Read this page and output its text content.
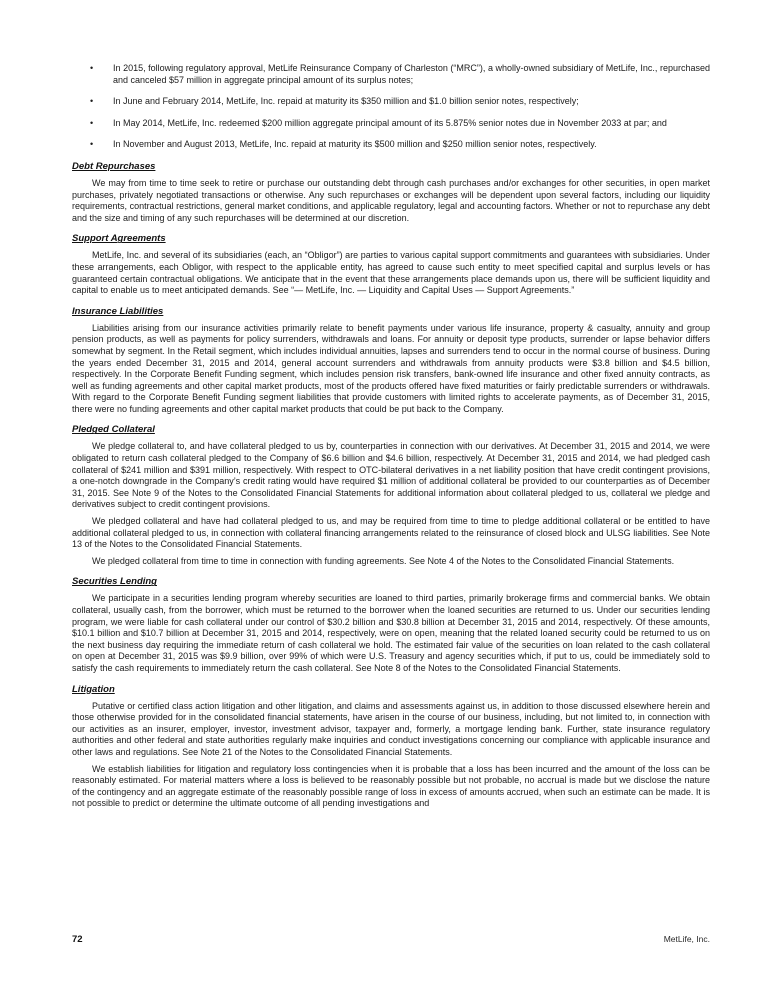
•	In 2015, following regulatory approval, MetLife Reinsurance Company of Charleston (“MRC”), a wholly-owned subsidiary of MetLife, Inc., repurchased and canceled $57 million in aggregate principal amount of its surplus notes;
•	In June and February 2014, MetLife, Inc. repaid at maturity its $350 million and $1.0 billion senior notes, respectively;
•	In May 2014, MetLife, Inc. redeemed $200 million aggregate principal amount of its 5.875% senior notes due in November 2033 at par; and
•	In November and August 2013, MetLife, Inc. repaid at maturity its $500 million and $250 million senior notes, respectively.
Debt Repurchases

We may from time to time seek to retire or purchase our outstanding debt through cash purchases and/or exchanges for other securities, in open market purchases, privately negotiated transactions or otherwise. Any such repurchases or exchanges will be dependent upon several factors, including our liquidity requirements, contractual restrictions, general market conditions, and applicable regulatory, legal and accounting factors. Whether or not to repurchase any debt and the size and timing of any such repurchases will be determined at our discretion.

Support Agreements

MetLife, Inc. and several of its subsidiaries (each, an “Obligor”) are parties to various capital support commitments and guarantees with subsidiaries. Under these arrangements, each Obligor, with respect to the applicable entity, has agreed to cause such entity to meet specified capital and surplus levels or has guaranteed certain contractual obligations. We anticipate that in the event that these arrangements place demands upon us, there will be sufficient liquidity and capital to enable us to meet anticipated demands. See “— MetLife, Inc. — Liquidity and Capital Uses — Support Agreements.”

Insurance Liabilities

Liabilities arising from our insurance activities primarily relate to benefit payments under various life insurance, property & casualty, annuity and group pension products, as well as payments for policy surrenders, withdrawals and loans. For annuity or deposit type products, surrender or lapse behavior differs somewhat by segment. In the Retail segment, which includes individual annuities, lapses and surrenders tend to occur in the normal course of business. During the years ended December 31, 2015 and 2014, general account surrenders and withdrawals from annuity products were $3.8 billion and $4.5 billion, respectively. In the Corporate Benefit Funding segment, which includes pension risk transfers, bank-owned life insurance and other fixed annuity contracts, as well as funding agreements and other capital market products, most of the products offered have fixed maturities or fairly predictable surrenders or withdrawals. With regard to the Corporate Benefit Funding segment liabilities that provide customers with limited rights to accelerate payments, as of December 31, 2015, there were no funding agreements and other capital market products that could be put back to the Company.

Pledged Collateral

We pledge collateral to, and have collateral pledged to us by, counterparties in connection with our derivatives. At December 31, 2015 and 2014, we were obligated to return cash collateral pledged to the Company of $6.6 billion and $4.6 billion, respectively. At December 31, 2015 and 2014, we had pledged cash collateral of $241 million and $391 million, respectively. With respect to OTC-bilateral derivatives in a net liability position that have credit contingent provisions, a one-notch downgrade in the Company’s credit rating would have required $1 million of additional collateral be provided to our counterparties as of December 31, 2015. See Note 9 of the Notes to the Consolidated Financial Statements for additional information about collateral pledged to us, collateral we pledge and derivatives subject to credit contingent provisions.

We pledged collateral and have had collateral pledged to us, and may be required from time to time to pledge additional collateral or be entitled to have additional collateral pledged to us, in connection with collateral financing arrangements related to the reinsurance of closed block and ULSG liabilities. See Note 13 of the Notes to the Consolidated Financial Statements.

We pledged collateral from time to time in connection with funding agreements. See Note 4 of the Notes to the Consolidated Financial Statements.

Securities Lending

We participate in a securities lending program whereby securities are loaned to third parties, primarily brokerage firms and commercial banks. We obtain collateral, usually cash, from the borrower, which must be returned to the borrower when the loaned securities are returned to us. Under our securities lending program, we were liable for cash collateral under our control of $30.2 billion and $30.8 billion at December 31, 2015 and 2014, respectively. Of these amounts, $10.1 billion and $10.7 billion at December 31, 2015 and 2014, respectively, were on open, meaning that the related loaned security could be returned to us on the next business day requiring the immediate return of cash collateral we hold. The estimated fair value of the securities on loan related to the cash collateral on open at December 31, 2015 was $9.9 billion, over 99% of which were U.S. Treasury and agency securities which, if put to us, could be immediately sold to satisfy the cash requirements to immediately return the cash collateral. See Note 8 of the Notes to the Consolidated Financial Statements.

Litigation

Putative or certified class action litigation and other litigation, and claims and assessments against us, in addition to those discussed elsewhere herein and those otherwise provided for in the consolidated financial statements, have arisen in the course of our business, including, but not limited to, in connection with our activities as an insurer, employer, investor, investment advisor, taxpayer and, formerly, a mortgage lending bank. Further, state insurance regulatory authorities and other federal and state authorities regularly make inquiries and conduct investigations concerning our compliance with applicable insurance and other laws and regulations. See Note 21 of the Notes to the Consolidated Financial Statements.

We establish liabilities for litigation and regulatory loss contingencies when it is probable that a loss has been incurred and the amount of the loss can be reasonably estimated. For material matters where a loss is believed to be reasonably possible but not probable, no accrual is made but we disclose the nature of the contingency and an aggregate estimate of the reasonably possible range of loss in excess of amounts accrued, when such an estimate can be made. It is not possible to predict or determine the ultimate outcome of all pending investigations and

72	MetLife, Inc.
